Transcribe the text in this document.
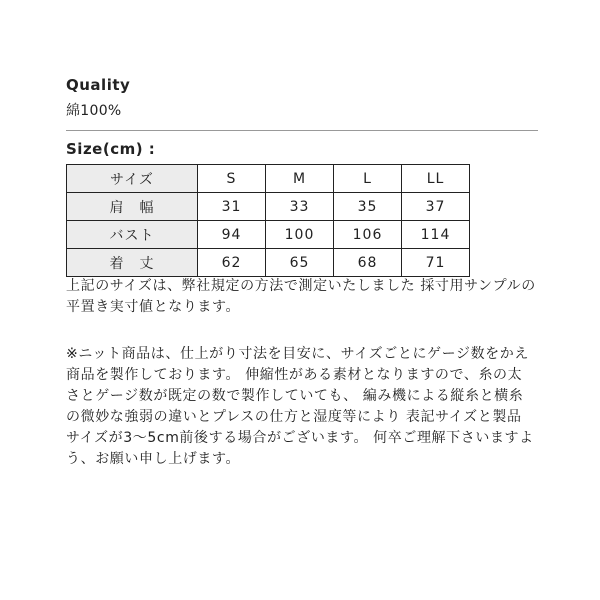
Quality
綿100%
Size(cm) :
サイズ	S	M	L	LL
肩　幅	31	33	35	37
バスト	94	100	106	114
着　丈	62	65	68	71
上記のサイズは、弊社規定の方法で測定いたしました 採寸用サンプルの平置き実寸値となります。
※ニット商品は、仕上がり寸法を目安に、サイズごとにゲージ数をかえ商品を製作しております。 伸縮性がある素材となりますので、糸の太さとゲージ数が既定の数で製作していても、 編み機による縦糸と横糸の微妙な強弱の違いとプレスの仕方と湿度等により 表記サイズと製品サイズが3～5cm前後する場合がございます。 何卒ご理解下さいますよう、お願い申し上げます。
